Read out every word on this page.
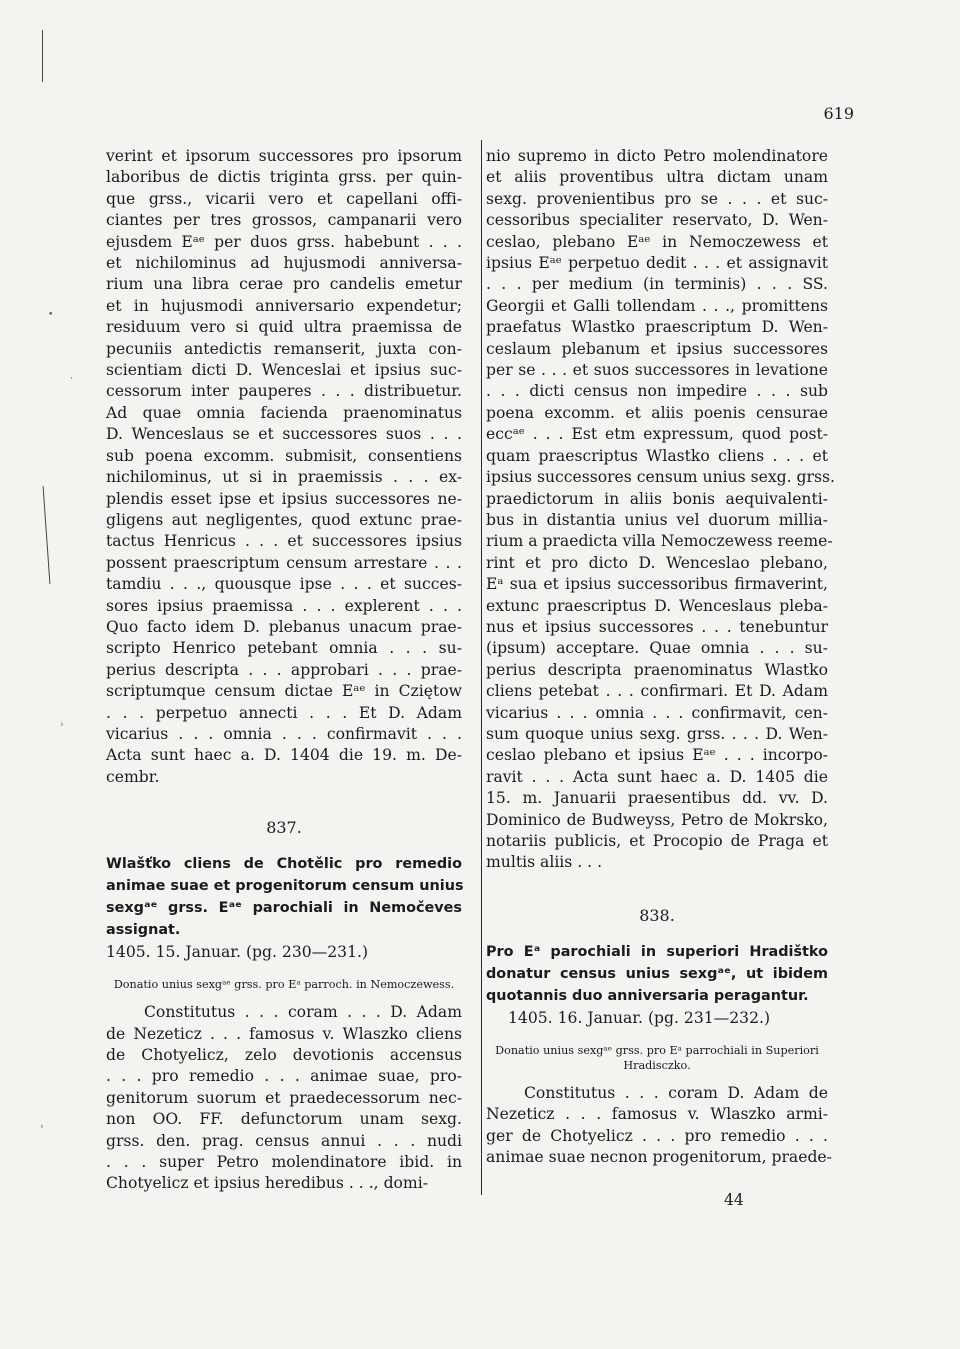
619
verint et ipsorum successores pro ipsorum
laboribus de dictis triginta grss. per quin-
que grss., vicarii vero et capellani offi-
ciantes per tres grossos, campanarii vero
ejusdem Eᵃᵉ per duos grss. habebunt . . .
et nichilominus ad hujusmodi anniversa-
rium una libra cerae pro candelis emetur
et in hujusmodi anniversario expendetur;
residuum vero si quid ultra praemissa de
pecuniis antedictis remanserit, juxta con-
scientiam dicti D. Wenceslai et ipsius suc-
cessorum inter pauperes . . . distribuetur.
Ad quae omnia facienda praenominatus
D. Wenceslaus se et successores suos . . .
sub poena excomm. submisit, consentiens
nichilominus, ut si in praemissis . . . ex-
plendis esset ipse et ipsius successores ne-
gligens aut negligentes, quod extunc prae-
tactus Henricus . . . et successores ipsius
possent praescriptum censum arrestare . . .
tamdiu . . ., quousque ipse . . . et succes-
sores ipsius praemissa . . . explerent . . .
Quo facto idem D. plebanus unacum prae-
scripto Henrico petebant omnia . . . su-
perius descripta . . . approbari . . . prae-
scriptumque censum dictae Eᵃᵉ in Cziętow
. . . perpetuo annecti . . . Et D. Adam
vicarius . . . omnia . . . confirmavit . . .
Acta sunt haec a. D. 1404 die 19. m. De-
cembr.
837.
Wlašťko cliens de Chotělic pro remedio
animae suae et progenitorum censum unius
sexgᵃᵉ grss. Eᵃᵉ parochiali in Nemočeves
assignat.
1405. 15. Januar. (pg. 230—231.)
Donatio unius sexgᵃᵉ grss. pro Eᵃ parroch. in Nemoczewess.
Constitutus . . . coram . . . D. Adam
de Nezeticz . . . famosus v. Wlaszko cliens
de Chotyelicz, zelo devotionis accensus
. . . pro remedio . . . animae suae, pro-
genitorum suorum et praedecessorum nec-
non OO. FF. defunctorum unam sexg.
grss. den. prag. census annui . . . nudi
. . . super Petro molendinatore ibid. in
Chotyelicz et ipsius heredibus . . ., domi-
nio supremo in dicto Petro molendinatore
et aliis proventibus ultra dictam unam
sexg. provenientibus pro se . . . et suc-
cessoribus specialiter reservato, D. Wen-
ceslao, plebano Eᵃᵉ in Nemoczewess et
ipsius Eᵃᵉ perpetuo dedit . . . et assignavit
. . . per medium (in terminis) . . . SS.
Georgii et Galli tollendam . . ., promittens
praefatus Wlastko praescriptum D. Wen-
ceslaum plebanum et ipsius successores
per se . . . et suos successores in levatione
. . . dicti census non impedire . . . sub
poena excomm. et aliis poenis censurae
eccᵃᵉ . . . Est etm expressum, quod post-
quam praescriptus Wlastko cliens . . . et
ipsius successores censum unius sexg. grss.
praedictorum in aliis bonis aequivalenti-
bus in distantia unius vel duorum millia-
rium a praedicta villa Nemoczewess reeme-
rint et pro dicto D. Wenceslao plebano,
Eᵃ sua et ipsius successoribus firmaverint,
extunc praescriptus D. Wenceslaus pleba-
nus et ipsius successores . . . tenebuntur
(ipsum) acceptare. Quae omnia . . . su-
perius descripta praenominatus Wlastko
cliens petebat . . . confirmari. Et D. Adam
vicarius . . . omnia . . . confirmavit, cen-
sum quoque unius sexg. grss. . . . D. Wen-
ceslao plebano et ipsius Eᵃᵉ . . . incorpo-
ravit . . . Acta sunt haec a. D. 1405 die
15. m. Januarii praesentibus dd. vv. D.
Dominico de Budweyss, Petro de Mokrsko,
notariis publicis, et Procopio de Praga et
multis aliis . . .
838.
Pro Eᵃ parochiali in superiori Hradištko
donatur census unius sexgᵃᵉ, ut ibidem
quotannis duo anniversaria peragantur.
1405. 16. Januar. (pg. 231—232.)
Donatio unius sexgᵃᵉ grss. pro Eᵃ parrochiali in Superiori Hradisczko.
Constitutus . . . coram D. Adam de
Nezeticz . . . famosus v. Wlaszko armi-
ger de Chotyelicz . . . pro remedio . . .
animae suae necnon progenitorum, praede-
44
•
·
›
›
